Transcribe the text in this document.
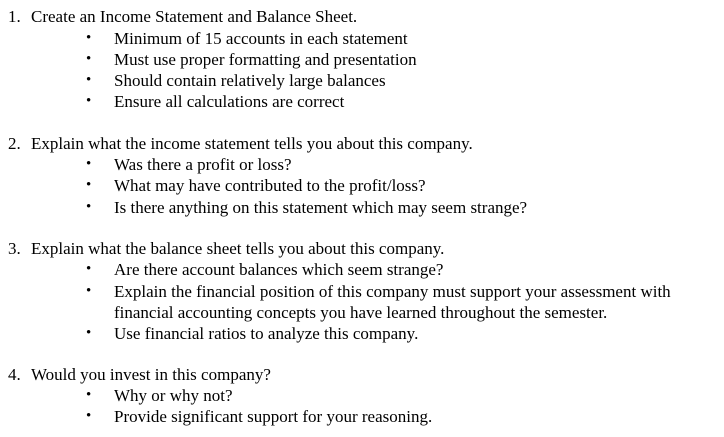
1. Create an Income Statement and Balance Sheet.
• Minimum of 15 accounts in each statement
• Must use proper formatting and presentation
• Should contain relatively large balances
• Ensure all calculations are correct
2. Explain what the income statement tells you about this company.
• Was there a profit or loss?
• What may have contributed to the profit/loss?
• Is there anything on this statement which may seem strange?
3. Explain what the balance sheet tells you about this company.
• Are there account balances which seem strange?
• Explain the financial position of this company must support your assessment with
financial accounting concepts you have learned throughout the semester.
• Use financial ratios to analyze this company.
4. Would you invest in this company?
• Why or why not?
• Provide significant support for your reasoning.
